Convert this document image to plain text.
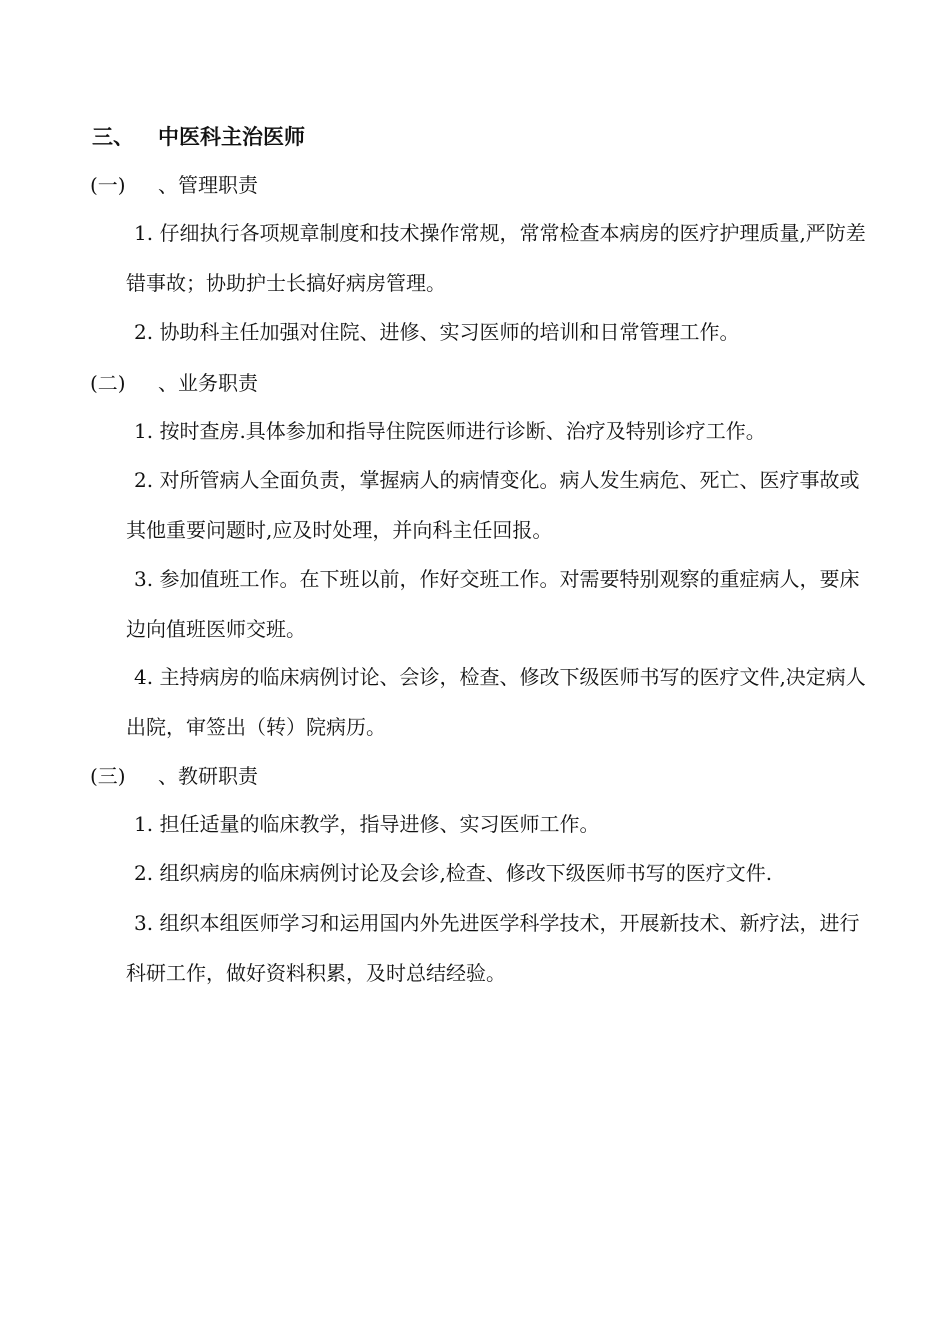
三、 中医科主治医师
(一) 、管理职责
1. 仔细执行各项规章制度和技术操作常规，常常检查本病房的医疗护理质量,严防差错事故；协助护士长搞好病房管理。
2. 协助科主任加强对住院、进修、实习医师的培训和日常管理工作。
(二) 、业务职责
1. 按时查房.具体参加和指导住院医师进行诊断、治疗及特别诊疗工作。
2. 对所管病人全面负责，掌握病人的病情变化。病人发生病危、死亡、医疗事故或其他重要问题时,应及时处理，并向科主任回报。
3. 参加值班工作。在下班以前，作好交班工作。对需要特别观察的重症病人，要床边向值班医师交班。
4. 主持病房的临床病例讨论、会诊，检查、修改下级医师书写的医疗文件,决定病人出院，审签出（转）院病历。
(三) 、教研职责
1. 担任适量的临床教学，指导进修、实习医师工作。
2. 组织病房的临床病例讨论及会诊,检查、修改下级医师书写的医疗文件.
3. 组织本组医师学习和运用国内外先进医学科学技术，开展新技术、新疗法，进行科研工作，做好资料积累，及时总结经验。
